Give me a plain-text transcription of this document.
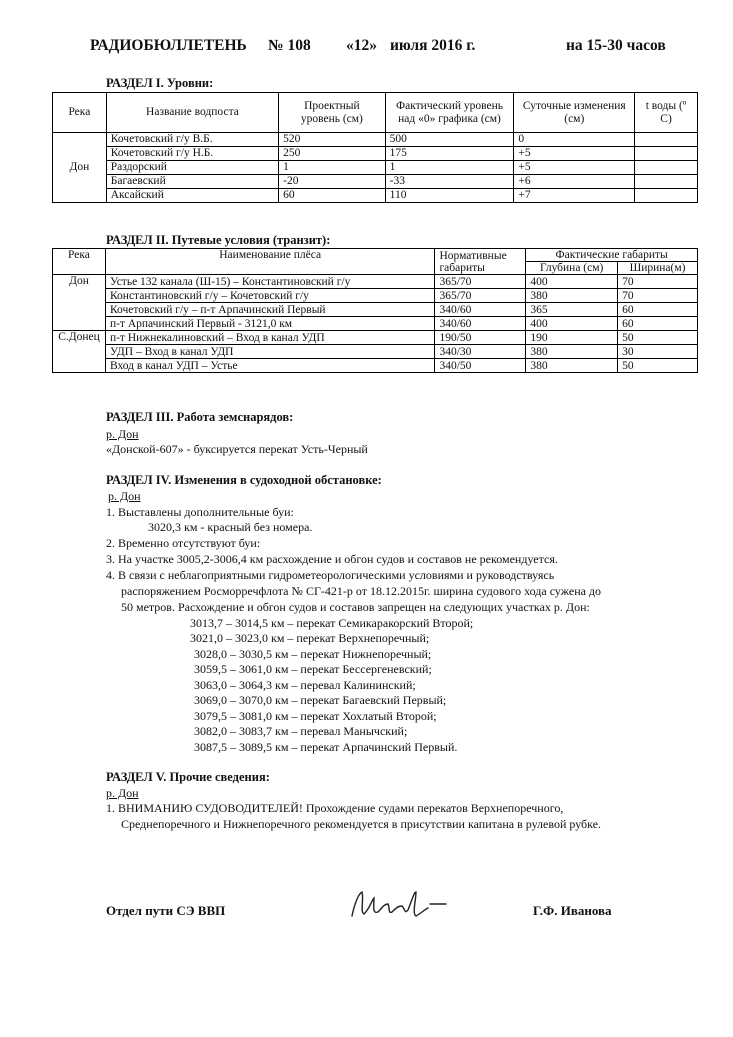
РАДИОБЮЛЛЕТЕНЬ № 108 «12» июля 2016 г.	на 15-30 часов
РАЗДЕЛ I. Уровни:
Река	Название водпоста	Проектный уровень (см)	Фактический уровень над «0» графика (см)	Суточные изменения (см)	t воды (º C)
Дон	Кочетовский г/у В.Б.	520	500	0	
	Кочетовский г/у Н.Б.	250	175	+5	
	Раздорский	1	1	+5	
	Багаевский	-20	-33	+6	
	Аксайский	60	110	+7	
РАЗДЕЛ II. Путевые условия (транзит):
Река	Наименование плёса	Нормативные габариты	Фактические габариты	
			Глубина (см)	Ширина(м)
Дон	Устье 132 канала (Ш-15) – Константиновский г/у	365/70	400	70
	Константиновский г/у – Кочетовский г/у	365/70	380	70
	Кочетовский г/у – п-т Арпачинский Первый	340/60	365	60
	п-т Арпачинский Первый - 3121,0 км	340/60	400	60
С.Донец	п-т Нижнекалиновский – Вход в канал УДП	190/50	190	50
	УДП – Вход в канал УДП	340/30	380	30
	Вход в канал УДП – Устье	340/50	380	50
РАЗДЕЛ III. Работа земснарядов:
р. Дон
«Донской-607» - буксируется перекат Усть-Черный
РАЗДЕЛ IV. Изменения в судоходной обстановке:
р. Дон
1. Выставлены дополнительные буи:
3020,3 км - красный без номера.
2. Временно отсутствуют буи:
3. На участке 3005,2-3006,4 км расхождение и обгон судов и составов не рекомендуется.
4. В связи с неблагоприятными гидрометеорологическими условиями и руководствуясь
распоряжением Росморречфлота № СГ-421-р от 18.12.2015г. ширина судового хода сужена до
50 метров. Расхождение и обгон судов и составов запрещен на следующих участках р. Дон:
3013,7 – 3014,5 км – перекат Семикаракорский Второй;
3021,0 – 3023,0 км – перекат Верхнепоречный;
3028,0 – 3030,5 км – перекат Нижнепоречный;
3059,5 – 3061,0 км – перекат Бессергеневский;
3063,0 – 3064,3 км – перевал Калининский;
3069,0 – 3070,0 км – перекат Багаевский Первый;
3079,5 – 3081,0 км – перекат Хохлатый Второй;
3082,0 – 3083,7 км – перевал Манычский;
3087,5 – 3089,5 км – перекат Арпачинский Первый.
РАЗДЕЛ V. Прочие сведения:
р. Дон
1. ВНИМАНИЮ СУДОВОДИТЕЛЕЙ! Прохождение судами перекатов Верхнепоречного,
Среднепоречного и Нижнепоречного рекомендуется в присутствии капитана в рулевой рубке.
Отдел пути СЭ ВВП	Г.Ф. Иванова
